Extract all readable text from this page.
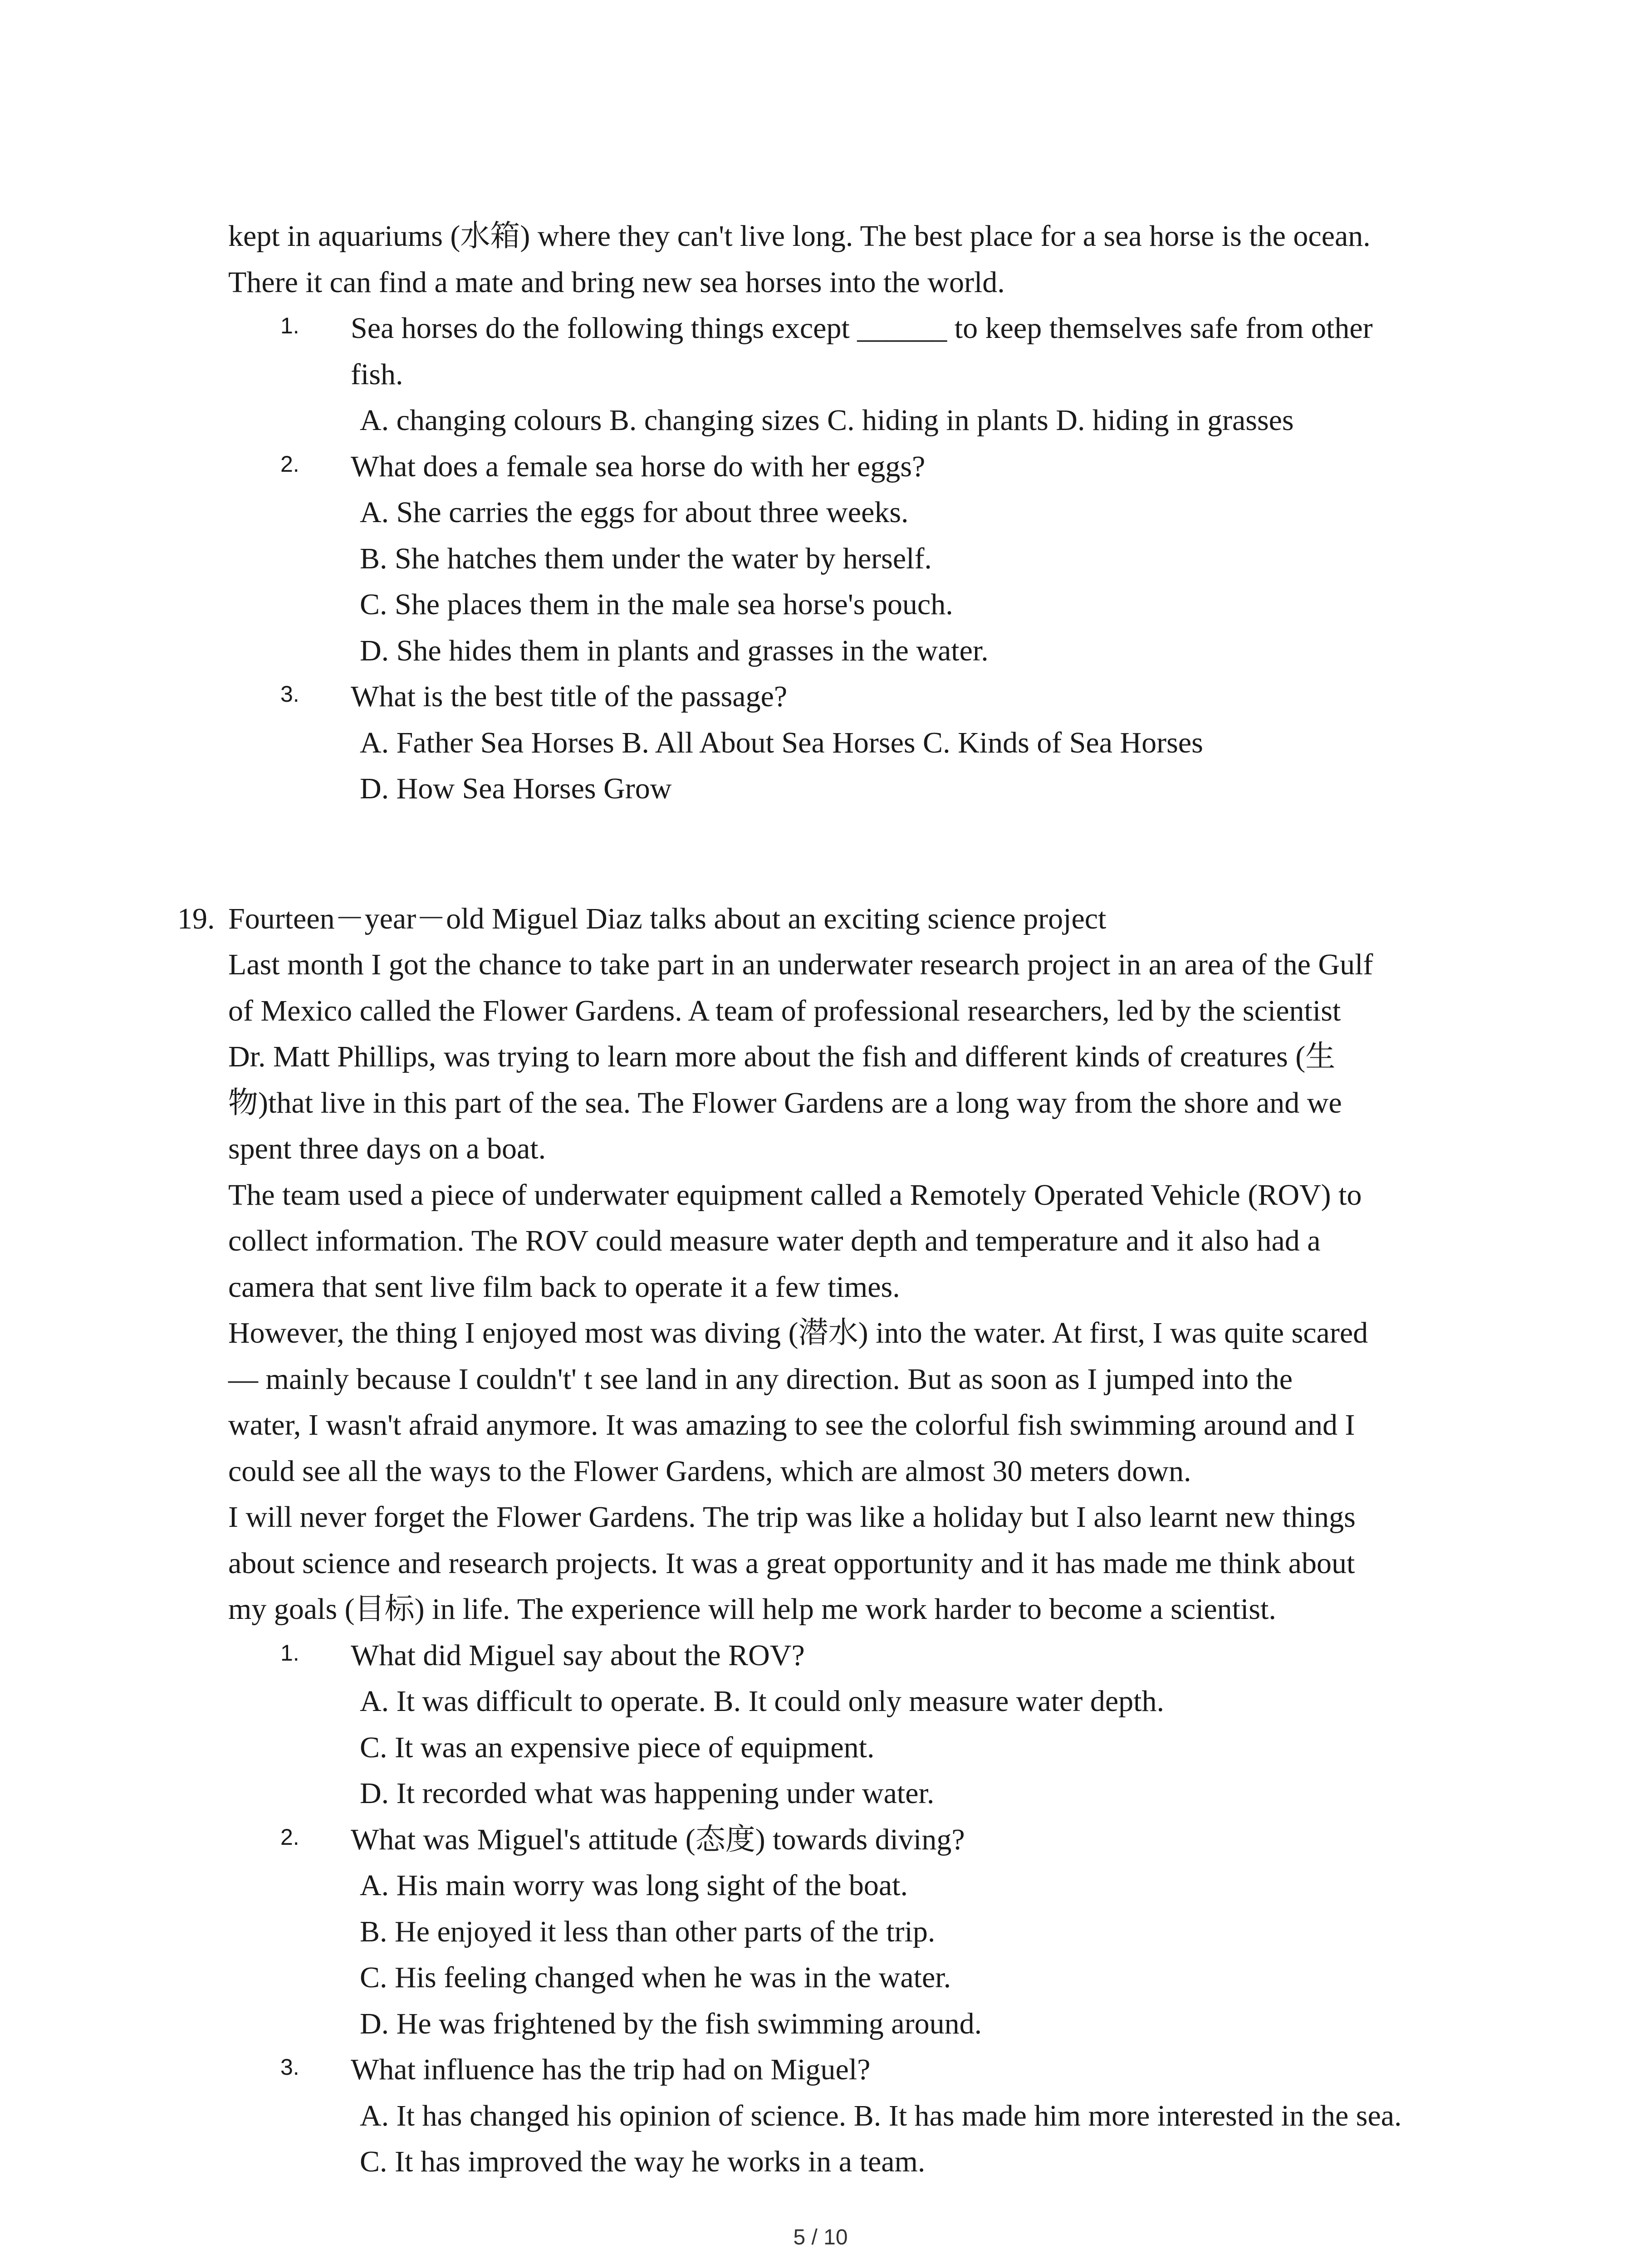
kept in aquariums (水箱) where they can't live long. The best place for a sea horse is the ocean.
There it can find a mate and bring new sea horses into the world.
1. Sea horses do the following things except ______ to keep themselves safe from other
fish.
A. changing colours B. changing sizes C. hiding in plants D. hiding in grasses
2. What does a female sea horse do with her eggs?
A. She carries the eggs for about three weeks.
B. She hatches them under the water by herself.
C. She places them in the male sea horse's pouch.
D. She hides them in plants and grasses in the water.
3. What is the best title of the passage?
A. Father Sea Horses B. All About Sea Horses C. Kinds of Sea Horses
D. How Sea Horses Grow
19. Fourteen－year－old Miguel Diaz talks about an exciting science project
Last month I got the chance to take part in an underwater research project in an area of the Gulf
of Mexico called the Flower Gardens. A team of professional researchers, led by the scientist
Dr. Matt Phillips, was trying to learn more about the fish and different kinds of creatures (生
物)that live in this part of the sea. The Flower Gardens are a long way from the shore and we
spent three days on a boat.
The team used a piece of underwater equipment called a Remotely Operated Vehicle (ROV) to
collect information. The ROV could measure water depth and temperature and it also had a
camera that sent live film back to operate it a few times.
However, the thing I enjoyed most was diving (潜水) into the water. At first, I was quite scared
— mainly because I couldn't' t see land in any direction. But as soon as I jumped into the
water, I wasn't afraid anymore. It was amazing to see the colorful fish swimming around and I
could see all the ways to the Flower Gardens, which are almost 30 meters down.
I will never forget the Flower Gardens. The trip was like a holiday but I also learnt new things
about science and research projects. It was a great opportunity and it has made me think about
my goals (目标) in life. The experience will help me work harder to become a scientist.
1. What did Miguel say about the ROV?
A. It was difficult to operate. B. It could only measure water depth.
C. It was an expensive piece of equipment.
D. It recorded what was happening under water.
2. What was Miguel's attitude (态度) towards diving?
A. His main worry was long sight of the boat.
B. He enjoyed it less than other parts of the trip.
C. His feeling changed when he was in the water.
D. He was frightened by the fish swimming around.
3. What influence has the trip had on Miguel?
A. It has changed his opinion of science. B. It has made him more interested in the sea.
C. It has improved the way he works in a team.
5 / 10
